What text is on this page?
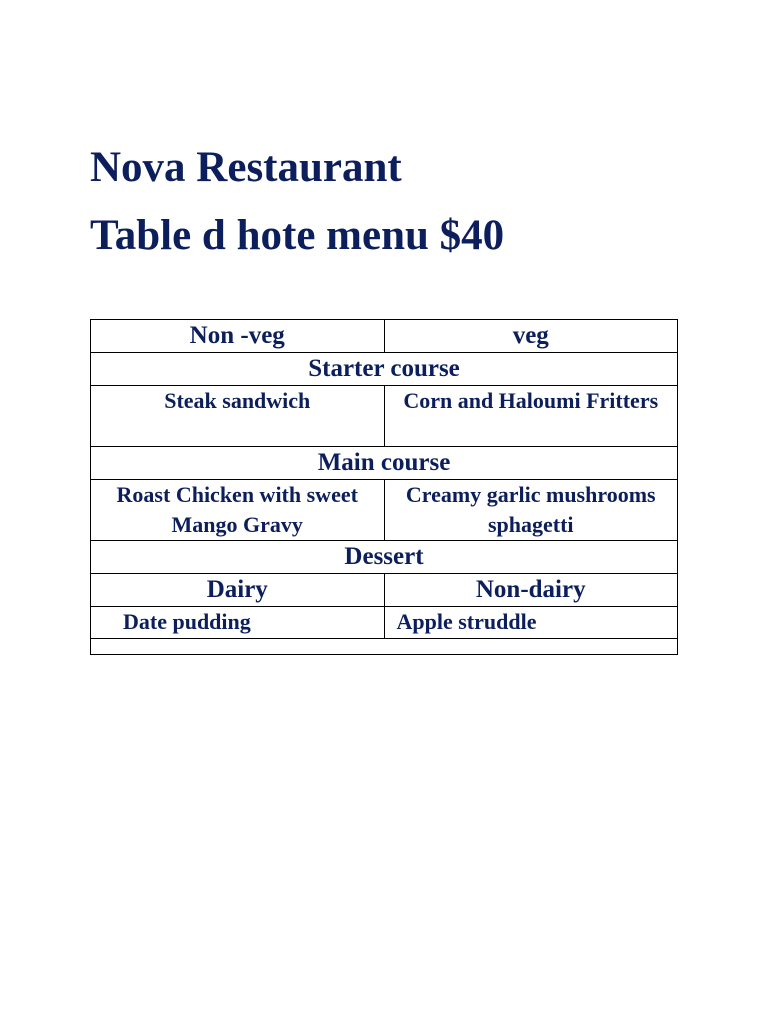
Nova Restaurant
Table d hote menu $40
Non -veg	veg
Starter course	
Steak sandwich	Corn and Haloumi Fritters
Main course	
Roast Chicken with sweet Mango Gravy	Creamy garlic mushrooms sphagetti
Dessert	
Dairy	Non-dairy
Date pudding	Apple struddle
